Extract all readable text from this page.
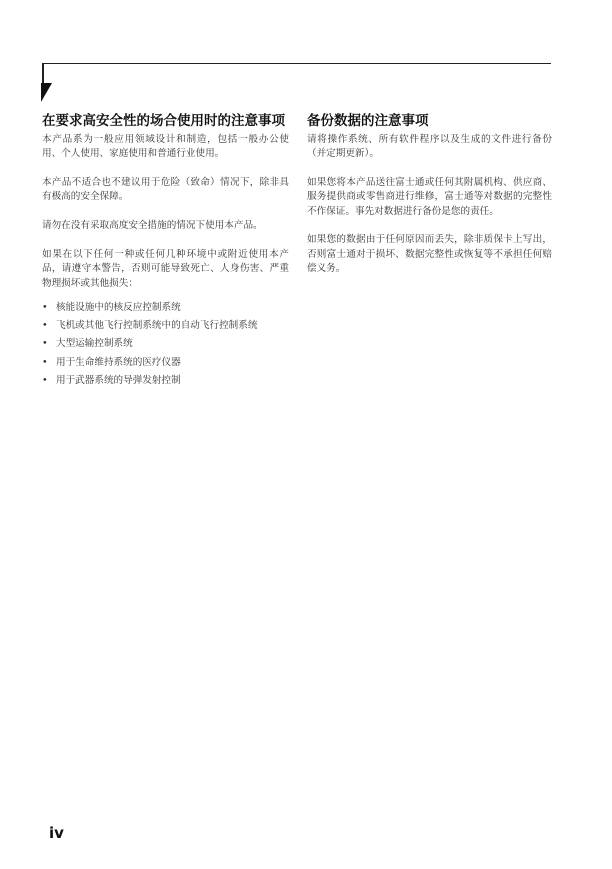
在要求高安全性的场合使用时的注意事项

本产品系为一般应用领域设计和制造，包括一般办公使用、个人使用、家庭使用和普通行业使用。

本产品不适合也不建议用于危险（致命）情况下，除非具有极高的安全保障。

请勿在没有采取高度安全措施的情况下使用本产品。

如果在以下任何一种或任何几种环境中或附近使用本产品，请遵守本警告，否则可能导致死亡、人身伤害、严重物理损坏或其他损失：

• 核能设施中的核反应控制系统
• 飞机或其他飞行控制系统中的自动飞行控制系统
• 大型运输控制系统
• 用于生命维持系统的医疗仪器
• 用于武器系统的导弹发射控制
备份数据的注意事项

请将操作系统、所有软件程序以及生成的文件进行备份（并定期更新）。

如果您将本产品送往富士通或任何其附属机构、供应商、服务提供商或零售商进行维修，富士通等对数据的完整性不作保证。事先对数据进行备份是您的责任。

如果您的数据由于任何原因而丢失，除非质保卡上写出，否则富士通对于损坏、数据完整性或恢复等不承担任何赔偿义务。

iv
